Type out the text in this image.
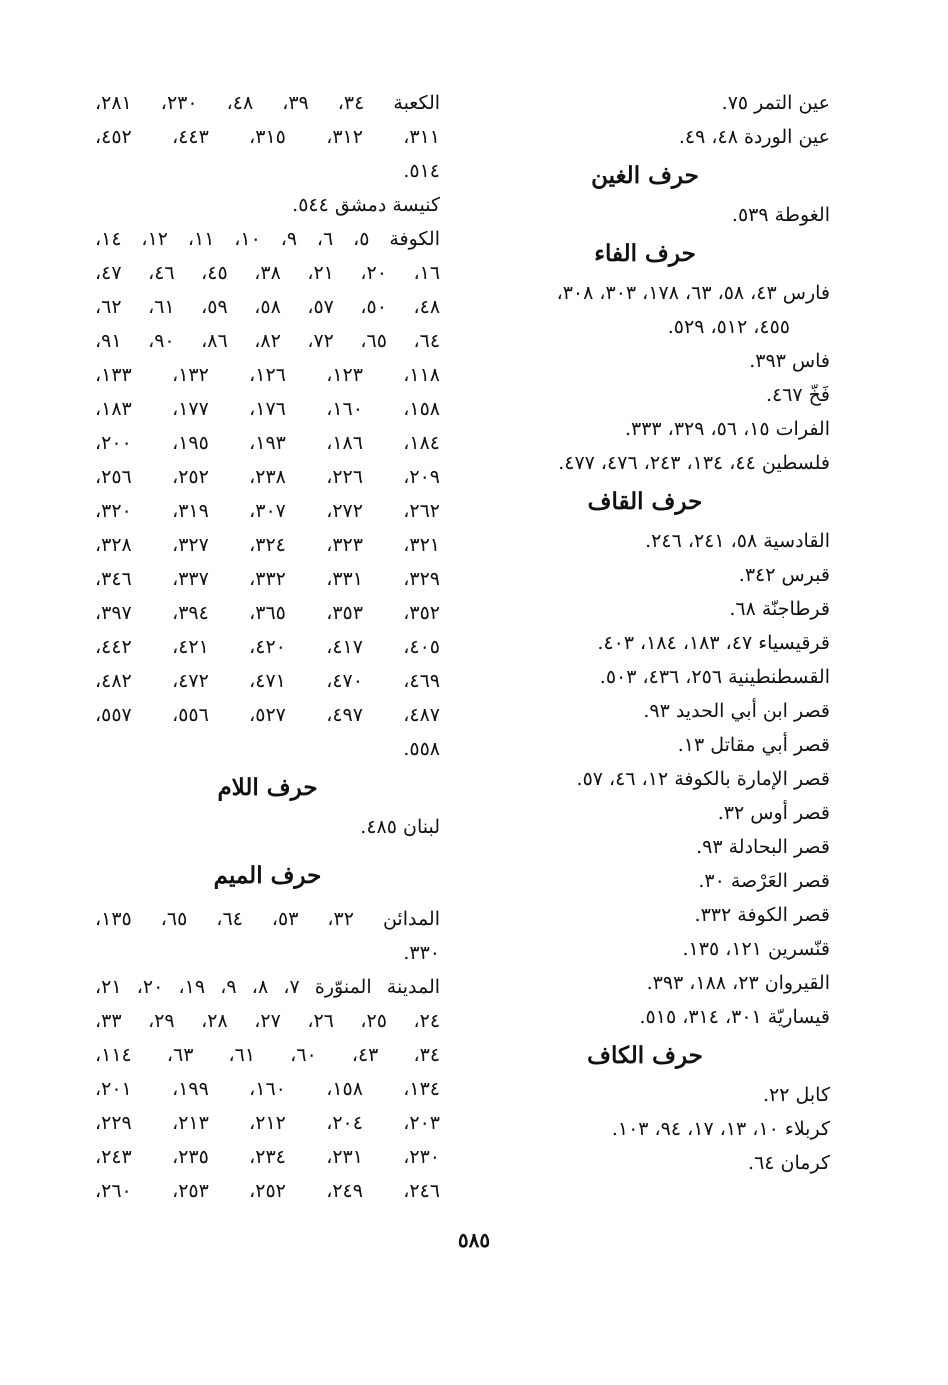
عين التمر ٧٥.
عين الوردة ٤٨، ٤٩.
حرف الغين
الغوطة ٥٣٩.
حرف الفاء
فارس ٤٣، ٥٨، ٦٣، ١٧٨، ٣٠٣، ٣٠٨،
٤٥٥، ٥١٢، ٥٢٩.
فاس ٣٩٣.
فَخّ ٤٦٧.
الفرات ١٥، ٥٦، ٣٢٩، ٣٣٣.
فلسطين ٤٤، ١٣٤، ٢٤٣، ٤٧٦، ٤٧٧.
حرف القاف
القادسية ٥٨، ٢٤١، ٢٤٦.
قبرس ٣٤٢.
قرطاجنّة ٦٨.
قرقيسياء ٤٧، ١٨٣، ١٨٤، ٤٠٣.
القسطنطينية ٢٥٦، ٤٣٦، ٥٠٣.
قصر ابن أبي الحديد ٩٣.
قصر أبي مقاتل ١٣.
قصر الإمارة بالكوفة ١٢، ٤٦، ٥٧.
قصر أوس ٣٢.
قصر البحادلة ٩٣.
قصر العَرْصة ٣٠.
قصر الكوفة ٣٣٢.
قنّسرين ١٢١، ١٣٥.
القيروان ٢٣، ١٨٨، ٣٩٣.
قيساريّة ٣٠١، ٣١٤، ٥١٥.
حرف الكاف
كابل ٢٢.
كربلاء ١٠، ١٣، ١٧، ٩٤، ١٠٣.
كرمان ٦٤.
الكعبة ٣٤، ٣٩، ٤٨، ٢٣٠، ٢٨١،
٣١١، ٣١٢، ٣١٥، ٤٤٣، ٤٥٢،
٥١٤.
كنيسة دمشق ٥٤٤.
الكوفة ٥، ٦، ٩، ١٠، ١١، ١٢، ١٤،
١٦، ٢٠، ٢١، ٣٨، ٤٥، ٤٦، ٤٧،
٤٨، ٥٠، ٥٧، ٥٨، ٥٩، ٦١، ٦٢،
٦٤، ٦٥، ٧٢، ٨٢، ٨٦، ٩٠، ٩١،
١١٨، ١٢٣، ١٢٦، ١٣٢، ١٣٣،
١٥٨، ١٦٠، ١٧٦، ١٧٧، ١٨٣،
١٨٤، ١٨٦، ١٩٣، ١٩٥، ٢٠٠،
٢٠٩، ٢٢٦، ٢٣٨، ٢٥٢، ٢٥٦،
٢٦٢، ٢٧٢، ٣٠٧، ٣١٩، ٣٢٠،
٣٢١، ٣٢٣، ٣٢٤، ٣٢٧، ٣٢٨،
٣٢٩، ٣٣١، ٣٣٢، ٣٣٧، ٣٤٦،
٣٥٢، ٣٥٣، ٣٦٥، ٣٩٤، ٣٩٧،
٤٠٥، ٤١٧، ٤٢٠، ٤٢١، ٤٤٢،
٤٦٩، ٤٧٠، ٤٧١، ٤٧٢، ٤٨٢،
٤٨٧، ٤٩٧، ٥٢٧، ٥٥٦، ٥٥٧،
٥٥٨.
حرف اللام
لبنان ٤٨٥.
حرف الميم
المدائن ٣٢، ٥٣، ٦٤، ٦٥، ١٣٥،
٣٣٠.
المدينة المنوّرة ٧، ٨، ٩، ١٩، ٢٠، ٢١،
٢٤، ٢٥، ٢٦، ٢٧، ٢٨، ٢٩، ٣٣،
٣٤، ٤٣، ٦٠، ٦١، ٦٣، ١١٤،
١٣٤، ١٥٨، ١٦٠، ١٩٩، ٢٠١،
٢٠٣، ٢٠٤، ٢١٢، ٢١٣، ٢٢٩،
٢٣٠، ٢٣١، ٢٣٤، ٢٣٥، ٢٤٣،
٢٤٦، ٢٤٩، ٢٥٢، ٢٥٣، ٢٦٠،
٥٨٥
